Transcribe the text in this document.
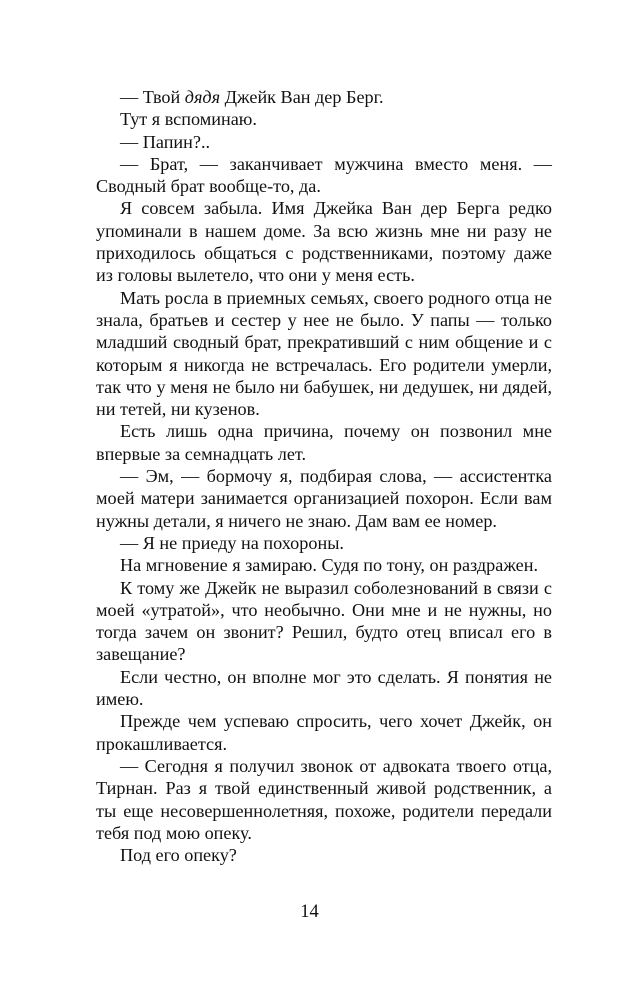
— Твой дядя Джейк Ван дер Берг.

Тут я вспоминаю.

— Папин?..

— Брат, — заканчивает мужчина вместо меня. — Сводный брат вообще-то, да.

Я совсем забыла. Имя Джейка Ван дер Берга редко упоминали в нашем доме. За всю жизнь мне ни разу не приходилось общаться с родственниками, поэтому даже из головы вылетело, что они у меня есть.

Мать росла в приемных семьях, своего родного отца не знала, братьев и сестер у нее не было. У папы — только младший сводный брат, прекративший с ним общение и с которым я никогда не встречалась. Его родители умерли, так что у меня не было ни бабушек, ни дедушек, ни дядей, ни тетей, ни кузенов.

Есть лишь одна причина, почему он позвонил мне впервые за семнадцать лет.

— Эм, — бормочу я, подбирая слова, — ассистентка моей матери занимается организацией похорон. Если вам нужны детали, я ничего не знаю. Дам вам ее номер.

— Я не приеду на похороны.

На мгновение я замираю. Судя по тону, он раздражен.

К тому же Джейк не выразил соболезнований в связи с моей «утратой», что необычно. Они мне и не нужны, но тогда зачем он звонит? Решил, будто отец вписал его в завещание?

Если честно, он вполне мог это сделать. Я понятия не имею.

Прежде чем успеваю спросить, чего хочет Джейк, он прокашливается.

— Сегодня я получил звонок от адвоката твоего отца, Тирнан. Раз я твой единственный живой родственник, а ты еще несовершеннолетняя, похоже, родители передали тебя под мою опеку.

Под его опеку?

14
